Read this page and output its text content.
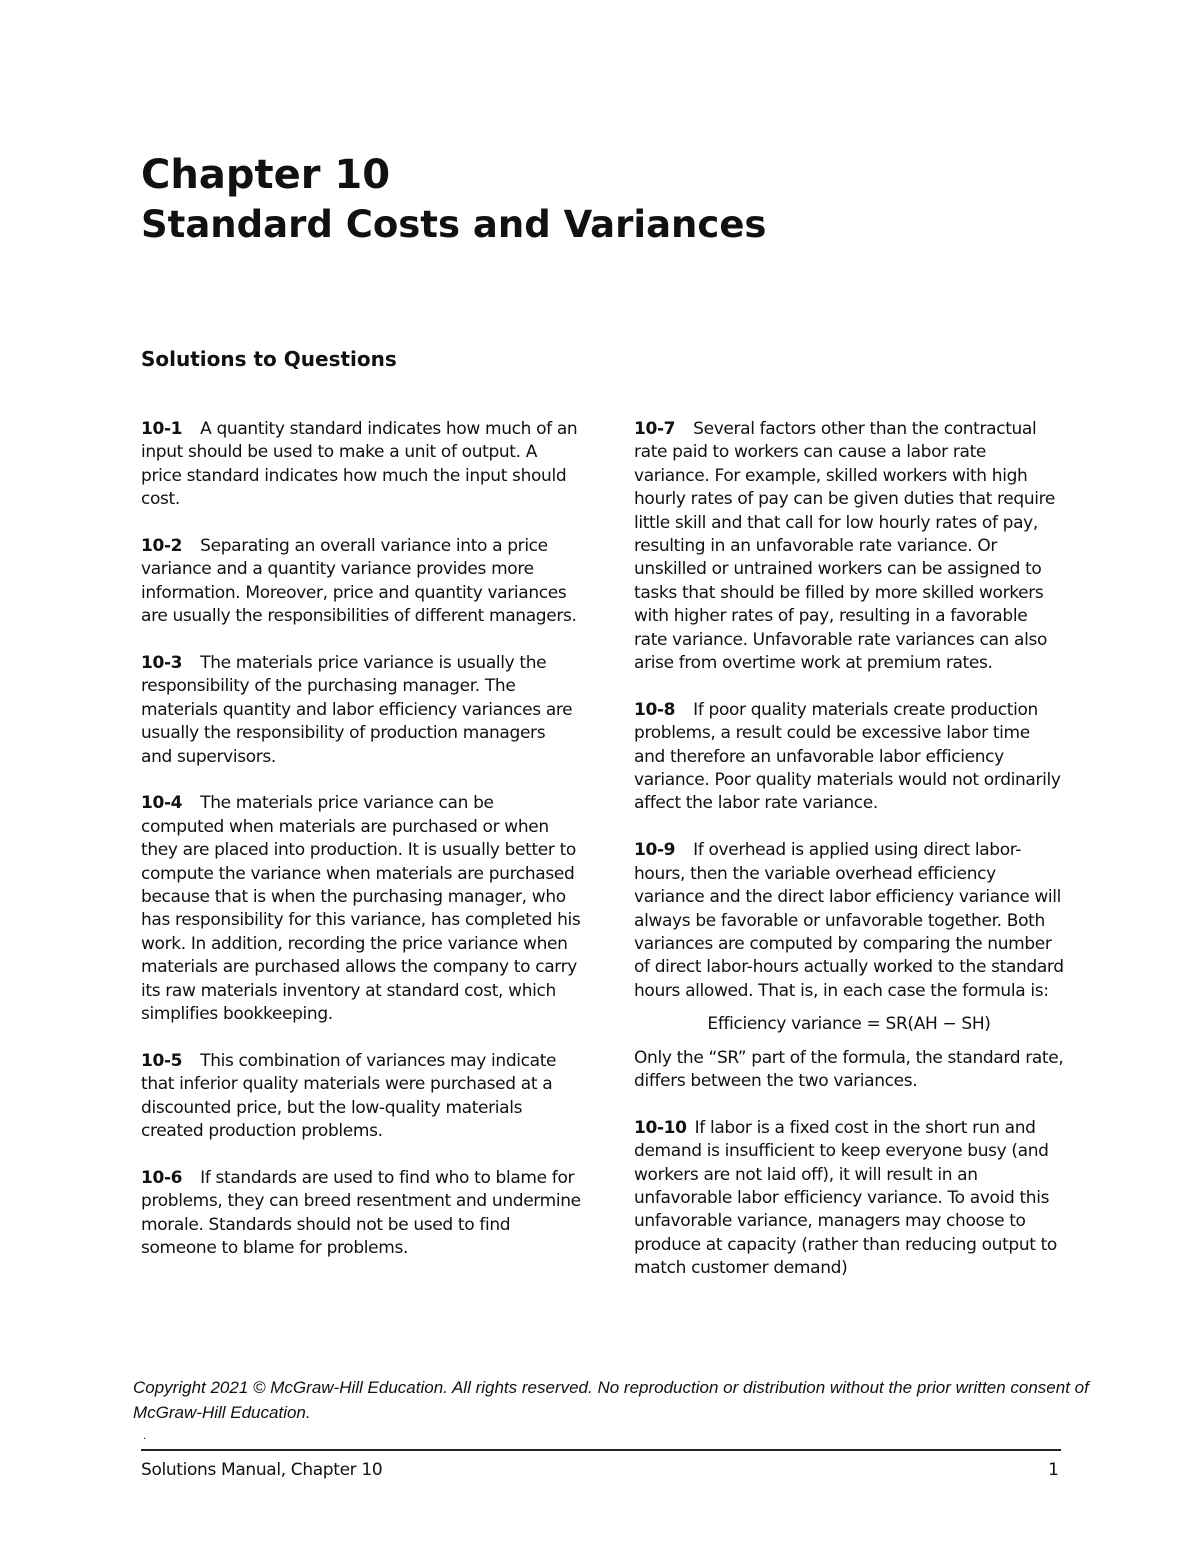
Chapter 10
Standard Costs and Variances
Solutions to Questions

10-1 A quantity standard indicates how much of an input should be used to make a unit of output. A price standard indicates how much the input should cost.

10-2 Separating an overall variance into a price variance and a quantity variance provides more information. Moreover, price and quantity variances are usually the responsibilities of different managers.

10-3 The materials price variance is usually the responsibility of the purchasing manager. The materials quantity and labor efficiency variances are usually the responsibility of production managers and supervisors.

10-4 The materials price variance can be computed when materials are purchased or when they are placed into production. It is usually better to compute the variance when materials are purchased because that is when the purchasing manager, who has responsibility for this variance, has completed his work. In addition, recording the price variance when materials are purchased allows the company to carry its raw materials inventory at standard cost, which simplifies bookkeeping.

10-5 This combination of variances may indicate that inferior quality materials were purchased at a discounted price, but the low-quality materials created production problems.

10-6 If standards are used to find who to blame for problems, they can breed resentment and undermine morale. Standards should not be used to find someone to blame for problems.

10-7 Several factors other than the contractual rate paid to workers can cause a labor rate variance. For example, skilled workers with high hourly rates of pay can be given duties that require little skill and that call for low hourly rates of pay, resulting in an unfavorable rate variance. Or unskilled or untrained workers can be assigned to tasks that should be filled by more skilled workers with higher rates of pay, resulting in a favorable rate variance. Unfavorable rate variances can also arise from overtime work at premium rates.

10-8 If poor quality materials create production problems, a result could be excessive labor time and therefore an unfavorable labor efficiency variance. Poor quality materials would not ordinarily affect the labor rate variance.

10-9 If overhead is applied using direct labor-hours, then the variable overhead efficiency variance and the direct labor efficiency variance will always be favorable or unfavorable together. Both variances are computed by comparing the number of direct labor-hours actually worked to the standard hours allowed. That is, in each case the formula is:

Efficiency variance = SR(AH − SH)

Only the “SR” part of the formula, the standard rate, differs between the two variances.

10-10 If labor is a fixed cost in the short run and demand is insufficient to keep everyone busy (and workers are not laid off), it will result in an unfavorable labor efficiency variance. To avoid this unfavorable variance, managers may choose to produce at capacity (rather than reducing output to match customer demand)

Copyright 2021 © McGraw-Hill Education. All rights reserved. No reproduction or distribution without the prior written consent of McGraw-Hill Education.

.

Solutions Manual, Chapter 10	1
